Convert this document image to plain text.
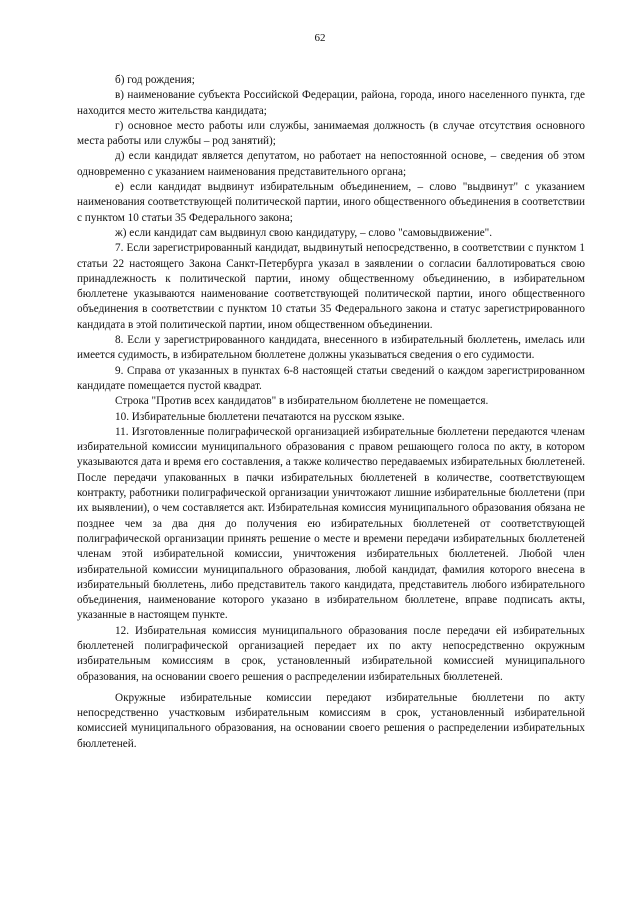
62

б) год рождения;

в) наименование субъекта Российской Федерации, района, города, иного населенного пункта, где находится место жительства кандидата;

г) основное место работы или службы, занимаемая должность (в случае отсутствия основного места работы или службы – род занятий);

д) если кандидат является депутатом, но работает на непостоянной основе, – сведения об этом одновременно с указанием наименования представительного органа;

е) если кандидат выдвинут избирательным объединением, – слово "выдвинут" с указанием наименования соответствующей политической партии, иного общественного объединения в соответствии с пунктом 10 статьи 35 Федерального закона;

ж) если кандидат сам выдвинул свою кандидатуру, – слово "самовыдвижение".

7. Если зарегистрированный кандидат, выдвинутый непосредственно, в соответствии с пунктом 1 статьи 22 настоящего Закона Санкт-Петербурга указал в заявлении о согласии баллотироваться свою принадлежность к политической партии, иному общественному объединению, в избирательном бюллетене указываются наименование соответствующей политической партии, иного общественного объединения в соответствии с пунктом 10 статьи 35 Федерального закона и статус зарегистрированного кандидата в этой политической партии, ином общественном объединении.

8. Если у зарегистрированного кандидата, внесенного в избирательный бюллетень, имелась или имеется судимость, в избирательном бюллетене должны указываться сведения о его судимости.

9. Справа от указанных в пунктах 6-8 настоящей статьи сведений о каждом зарегистрированном кандидате помещается пустой квадрат.

Строка "Против всех кандидатов" в избирательном бюллетене не помещается.

10. Избирательные бюллетени печатаются на русском языке.

11. Изготовленные полиграфической организацией избирательные бюллетени передаются членам избирательной комиссии муниципального образования с правом решающего голоса по акту, в котором указываются дата и время его составления, а также количество передаваемых избирательных бюллетеней. После передачи упакованных в пачки избирательных бюллетеней в количестве, соответствующем контракту, работники полиграфической организации уничтожают лишние избирательные бюллетени (при их выявлении), о чем составляется акт. Избирательная комиссия муниципального образования обязана не позднее чем за два дня до получения ею избирательных бюллетеней от соответствующей полиграфической организации принять решение о месте и времени передачи избирательных бюллетеней членам этой избирательной комиссии, уничтожения избирательных бюллетеней. Любой член избирательной комиссии муниципального образования, любой кандидат, фамилия которого внесена в избирательный бюллетень, либо представитель такого кандидата, представитель любого избирательного объединения, наименование которого указано в избирательном бюллетене, вправе подписать акты, указанные в настоящем пункте.

12. Избирательная комиссия муниципального образования после передачи ей избирательных бюллетеней полиграфической организацией передает их по акту непосредственно окружным избирательным комиссиям в срок, установленный избирательной комиссией муниципального образования, на основании своего решения о распределении избирательных бюллетеней.

Окружные избирательные комиссии передают избирательные бюллетени по акту непосредственно участковым избирательным комиссиям в срок, установленный избирательной комиссией муниципального образования, на основании своего решения о распределении избирательных бюллетеней.
